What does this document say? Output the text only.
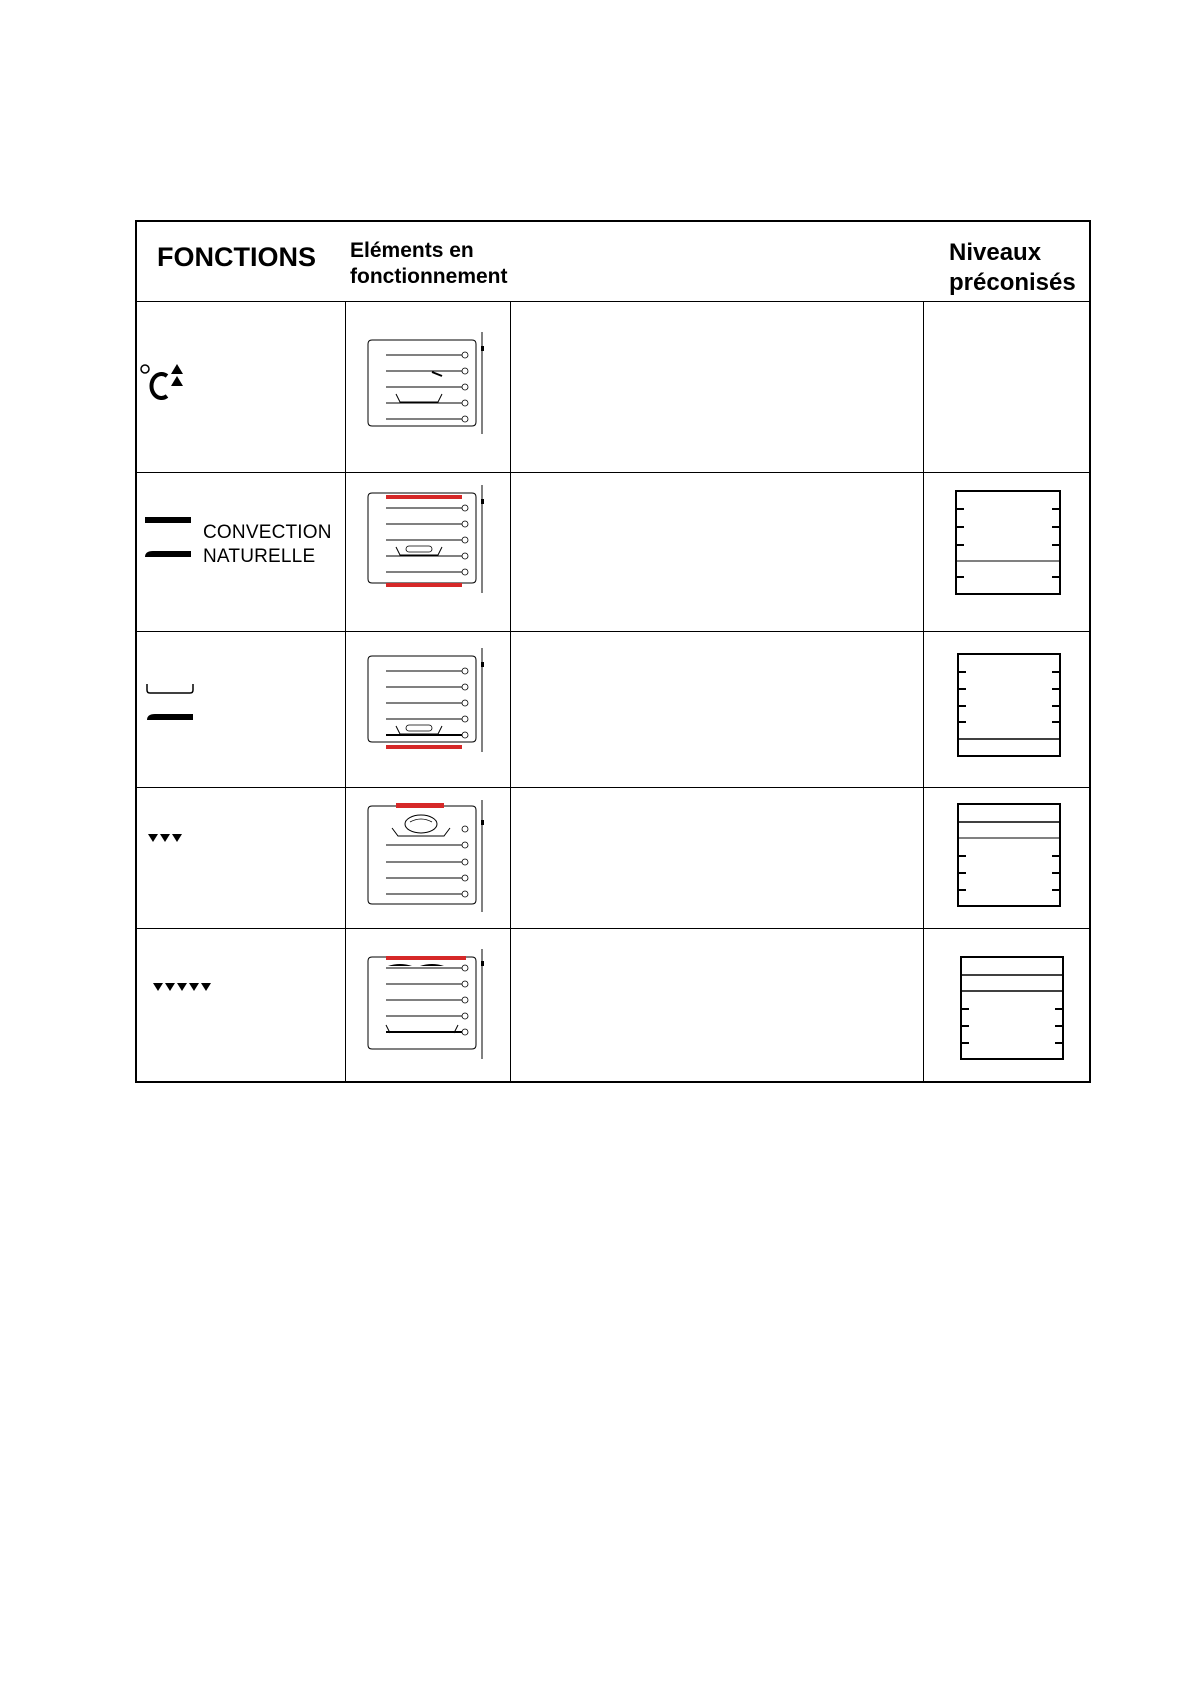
FONCTIONS Eléments en fonctionnement
Niveaux préconisés
CONVECTION
NATURELLE
